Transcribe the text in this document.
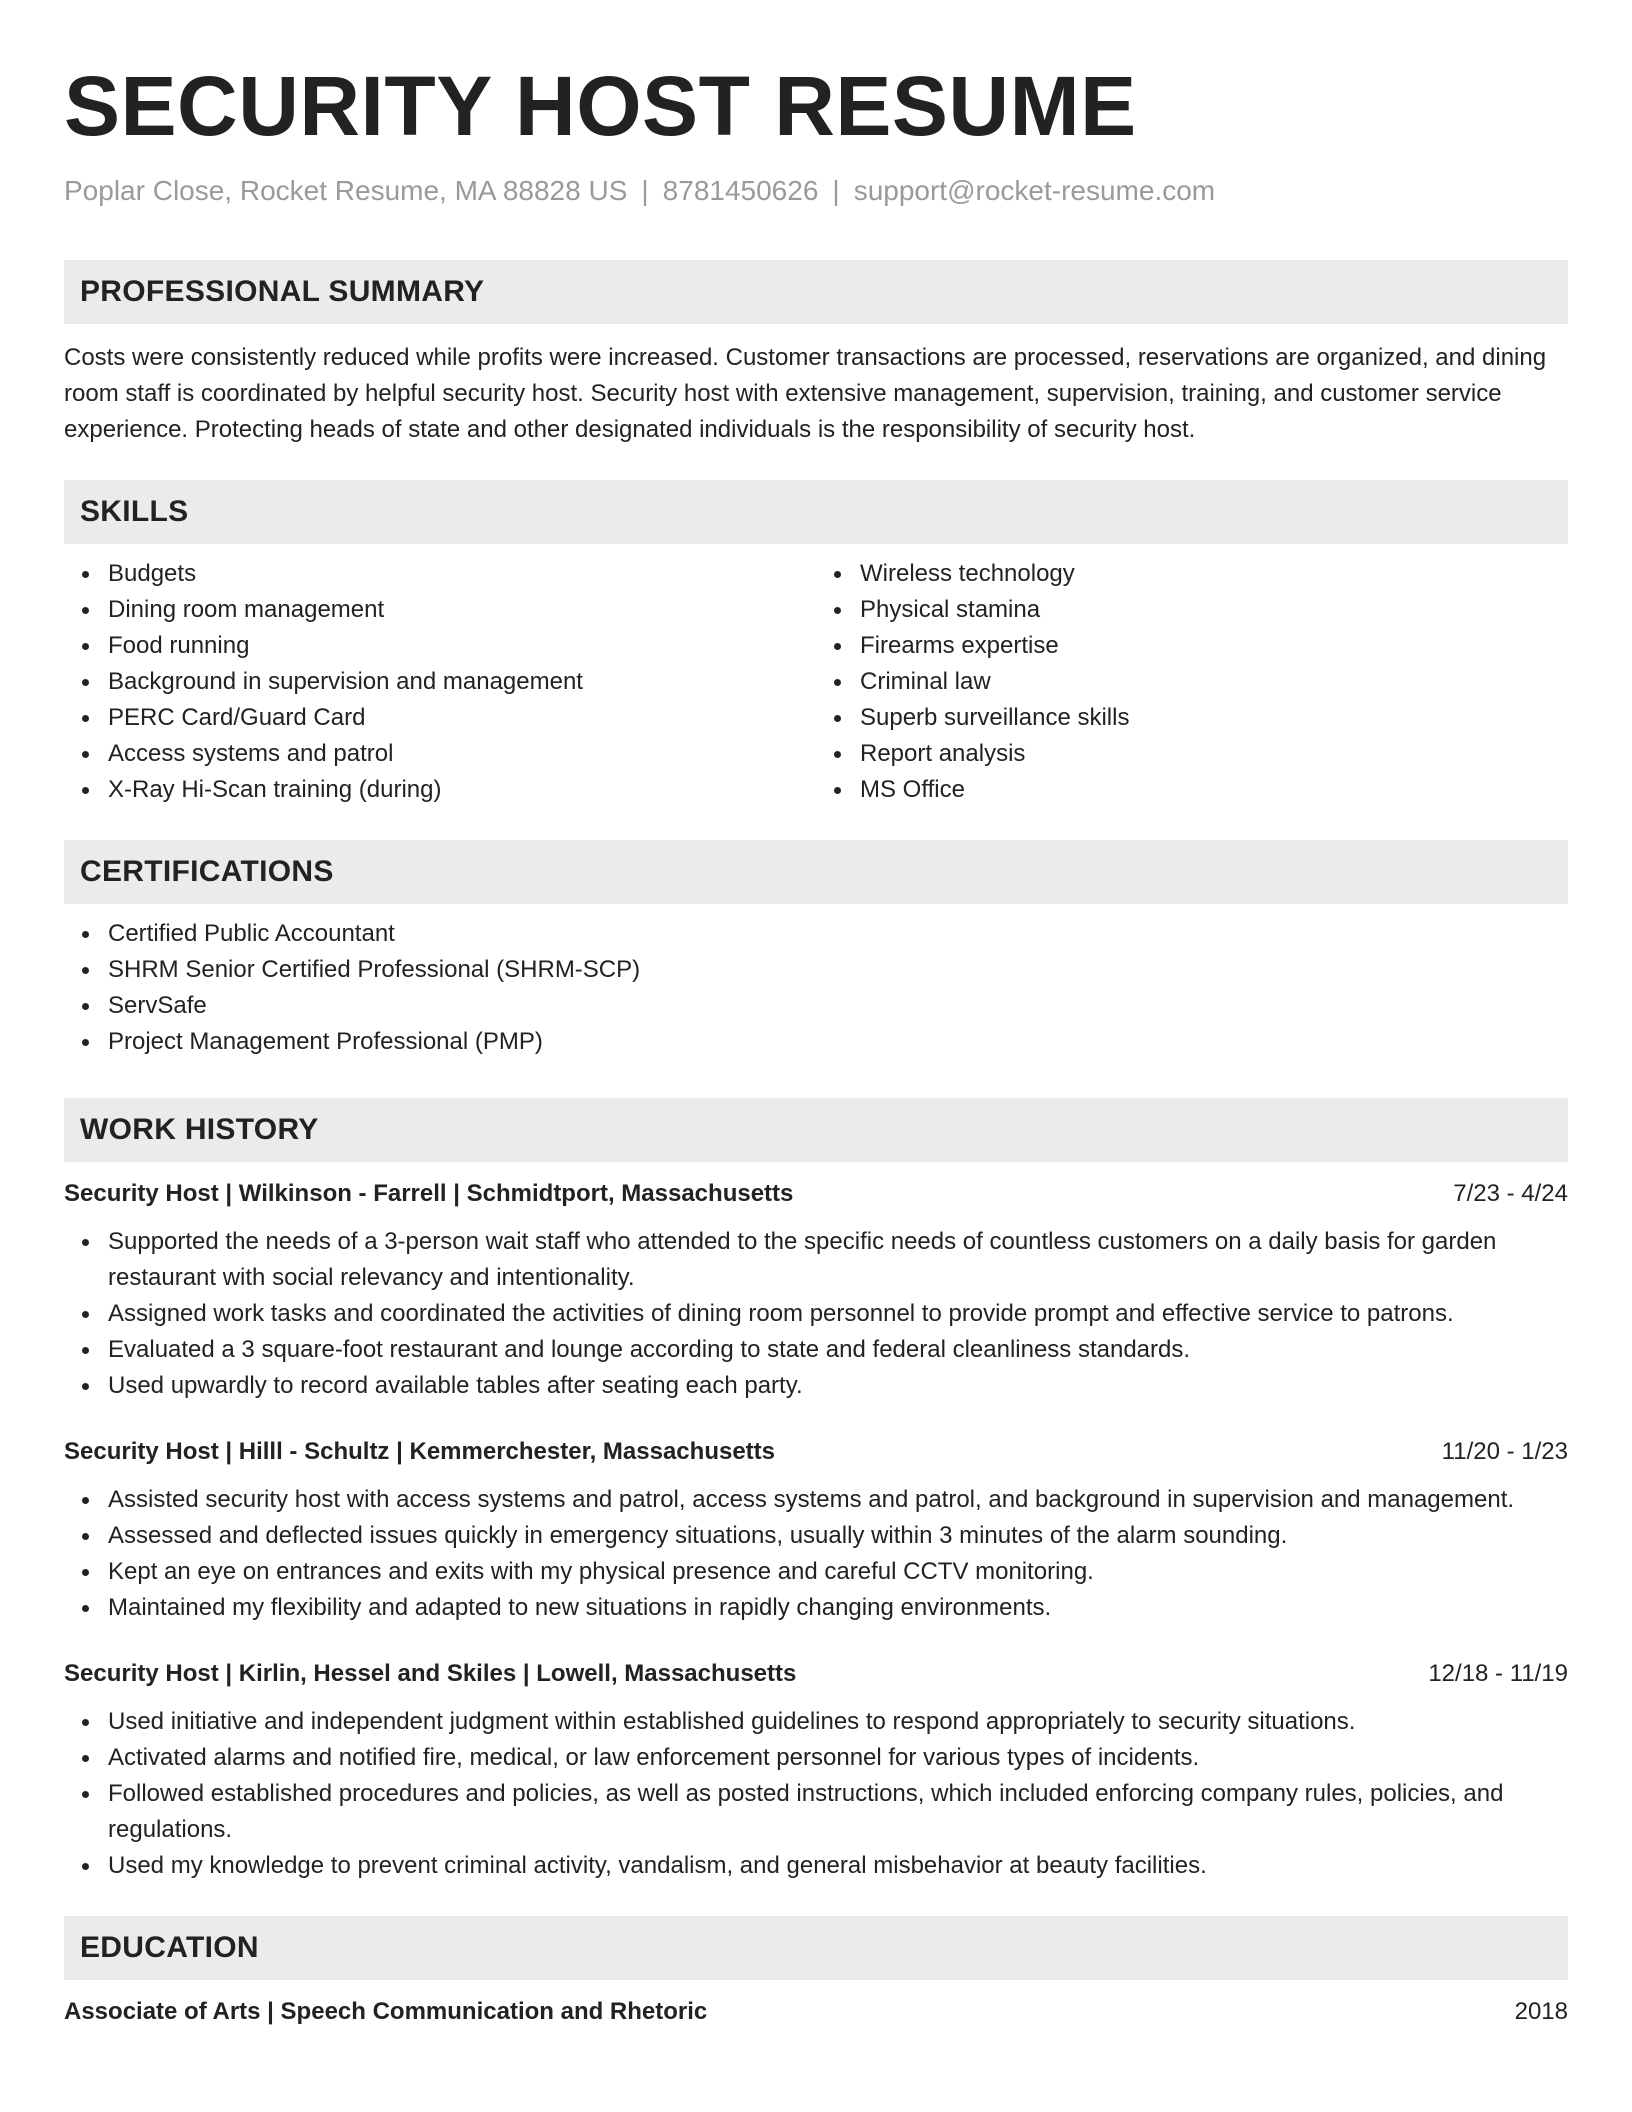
SECURITY HOST RESUME
Poplar Close, Rocket Resume, MA 88828 US | 8781450626 | support@rocket-resume.com
PROFESSIONAL SUMMARY

Costs were consistently reduced while profits were increased. Customer transactions are processed, reservations are organized, and dining room staff is coordinated by helpful security host. Security host with extensive management, supervision, training, and customer service experience. Protecting heads of state and other designated individuals is the responsibility of security host.

SKILLS
Budgets
Dining room management
Food running
Background in supervision and management
PERC Card/Guard Card
Access systems and patrol
X-Ray Hi-Scan training (during)
Wireless technology
Physical stamina
Firearms expertise
Criminal law
Superb surveillance skills
Report analysis
MS Office
CERTIFICATIONS
Certified Public Accountant
SHRM Senior Certified Professional (SHRM-SCP)
ServSafe
Project Management Professional (PMP)
WORK HISTORY
Security Host | Wilkinson - Farrell | Schmidtport, Massachusetts	7/23 - 4/24
Supported the needs of a 3-person wait staff who attended to the specific needs of countless customers on a daily basis for garden restaurant with social relevancy and intentionality.
Assigned work tasks and coordinated the activities of dining room personnel to provide prompt and effective service to patrons.
Evaluated a 3 square-foot restaurant and lounge according to state and federal cleanliness standards.
Used upwardly to record available tables after seating each party.
Security Host | Hilll - Schultz | Kemmerchester, Massachusetts	11/20 - 1/23
Assisted security host with access systems and patrol, access systems and patrol, and background in supervision and management.
Assessed and deflected issues quickly in emergency situations, usually within 3 minutes of the alarm sounding.
Kept an eye on entrances and exits with my physical presence and careful CCTV monitoring.
Maintained my flexibility and adapted to new situations in rapidly changing environments.
Security Host | Kirlin, Hessel and Skiles | Lowell, Massachusetts	12/18 - 11/19
Used initiative and independent judgment within established guidelines to respond appropriately to security situations.
Activated alarms and notified fire, medical, or law enforcement personnel for various types of incidents.
Followed established procedures and policies, as well as posted instructions, which included enforcing company rules, policies, and regulations.
Used my knowledge to prevent criminal activity, vandalism, and general misbehavior at beauty facilities.
EDUCATION
Associate of Arts | Speech Communication and Rhetoric	2018
